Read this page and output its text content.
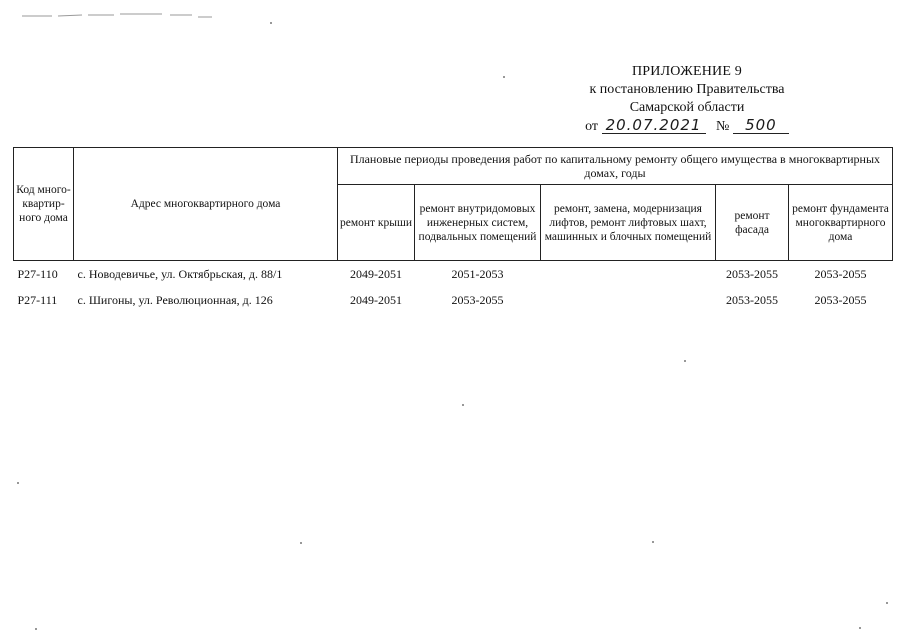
ПРИЛОЖЕНИЕ 9
к постановлению Правительства
Самарской области
от 20.07.2021 № 500
Код много-квартир-ного дома	Адрес многоквартирного дома	Плановые периоды проведения работ по капитальному ремонту общего имущества в многоквартирных домах, годы				
		ремонт крыши	ремонт внутридомовых инженерных систем, подвальных помещений	ремонт, замена, модернизация лифтов, ремонт лифтовых шахт, машинных и блочных помещений	ремонт фасада	ремонт фундамента многоквартирного дома
P27-110	с. Новодевичье, ул. Октябрьская, д. 88/1	2049-2051	2051-2053		2053-2055	2053-2055
P27-111	с. Шигоны, ул. Революционная, д. 126	2049-2051	2053-2055		2053-2055	2053-2055
